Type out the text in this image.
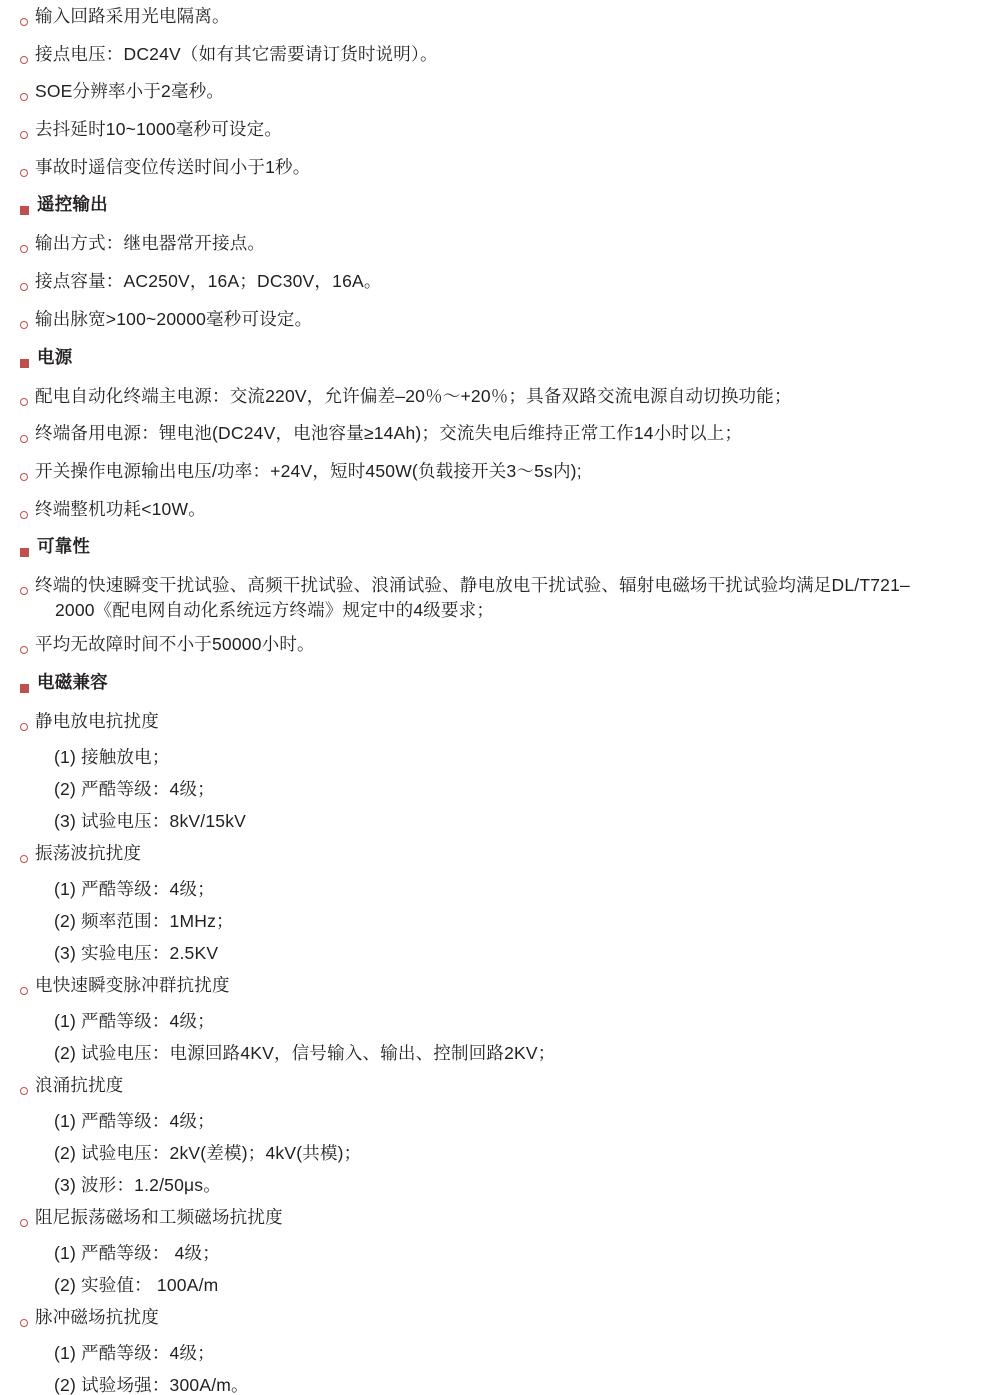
输入回路采用光电隔离。
接点电压：DC24V（如有其它需要请订货时说明）。
SOE分辨率小于2毫秒。
去抖延时10~1000毫秒可设定。
事故时遥信变位传送时间小于1秒。
遥控输出
输出方式：继电器常开接点。
接点容量：AC250V，16A；DC30V，16A。
输出脉宽>100~20000毫秒可设定。
电源
配电自动化终端主电源：交流220V，允许偏差–20％～+20％；具备双路交流电源自动切换功能；
终端备用电源：锂电池(DC24V，电池容量≥14Ah)；交流失电后维持正常工作14小时以上；
开关操作电源输出电压/功率：+24V，短时450W(负载接开关3～5s内);
终端整机功耗<10W。
可靠性

终端的快速瞬变干扰试验、高频干扰试验、浪涌试验、静电放电干扰试验、辐射电磁场干扰试验均满足DL/T721–

2000《配电网自动化系统远方终端》规定中的4级要求；

平均无故障时间不小于50000小时。
电磁兼容
静电放电抗扰度
(1) 接触放电；
(2) 严酷等级：4级；
(3) 试验电压：8kV/15kV
振荡波抗扰度
(1) 严酷等级：4级；
(2) 频率范围：1MHz；
(3) 实验电压：2.5KV
电快速瞬变脉冲群抗扰度
(1) 严酷等级：4级；
(2) 试验电压：电源回路4KV，信号输入、输出、控制回路2KV；
浪涌抗扰度
(1) 严酷等级：4级；
(2) 试验电压：2kV(差模)；4kV(共模)；
(3) 波形：1.2/50μs。
阻尼振荡磁场和工频磁场抗扰度
(1) 严酷等级： 4级；
(2) 实验值： 100A/m
脉冲磁场抗扰度
(1) 严酷等级：4级；
(2) 试验场强：300A/m。
